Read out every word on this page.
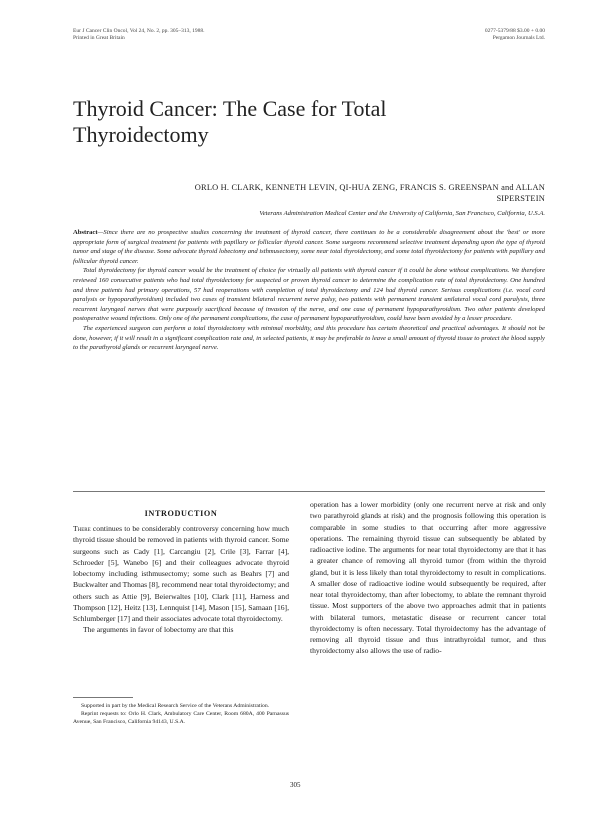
Eur J Cancer Clin Oncol, Vol 24, No. 2, pp. 305–313, 1988.
Printed in Great Britain
0277-5379/88 $3.00 + 0.00
Pergamon Journals Ltd.
Thyroid Cancer: The Case for Total Thyroidectomy
ORLO H. CLARK, KENNETH LEVIN, QI-HUA ZENG, FRANCIS S. GREENSPAN and ALLAN SIPERSTEIN
Veterans Administration Medical Center and the University of California, San Francisco, California, U.S.A.

Abstract—Since there are no prospective studies concerning the treatment of thyroid cancer, there continues to be a considerable disagreement about the 'best' or more appropriate form of surgical treatment for patients with papillary or follicular thyroid cancer. Some surgeons recommend selective treatment depending upon the type of thyroid tumor and stage of the disease. Some advocate thyroid lobectomy and isthmusectomy, some near total thyroidectomy, and some total thyroidectomy for patients with papillary and follicular thyroid cancer.

Total thyroidectomy for thyroid cancer would be the treatment of choice for virtually all patients with thyroid cancer if it could be done without complications. We therefore reviewed 160 consecutive patients who had total thyroidectomy for suspected or proven thyroid cancer to determine the complication rate of total thyroidectomy. One hundred and three patients had primary operations, 57 had reoperations with completion of total thyroidectomy and 124 had thyroid cancer. Serious complications (i.e. vocal cord paralysis or hypoparathyroidism) included two cases of transient bilateral recurrent nerve palsy, two patients with permanent transient unilateral vocal cord paralysis, three recurrent laryngeal nerves that were purposely sacrificed because of invasion of the nerve, and one case of permanent hypoparathyroidism. Two other patients developed postoperative wound infections. Only one of the permanent complications, the case of permanent hypoparathyroidism, could have been avoided by a lesser procedure.

The experienced surgeon can perform a total thyroidectomy with minimal morbidity, and this procedure has certain theoretical and practical advantages. It should not be done, however, if it will result in a significant complication rate and, in selected patients, it may be preferable to leave a small amount of thyroid tissue to protect the blood supply to the parathyroid glands or recurrent laryngeal nerve.

INTRODUCTION

There continues to be considerably controversy concerning how much thyroid tissue should be removed in patients with thyroid cancer. Some surgeons such as Cady [1], Carcangiu [2], Crile [3], Farrar [4], Schroeder [5], Wanebo [6] and their colleagues advocate thyroid lobectomy including isthmusectomy; some such as Beahrs [7] and Buckwalter and Thomas [8], recommend near total thyroidectomy; and others such as Attie [9], Beierwaltes [10], Clark [11], Harness and Thompson [12], Heitz [13], Lennquist [14], Mason [15], Samaan [16], Schlumberger [17] and their associates advocate total thyroidectomy.

The arguments in favor of lobectomy are that this

operation has a lower morbidity (only one recurrent nerve at risk and only two parathyroid glands at risk) and the prognosis following this operation is comparable in some studies to that occurring after more aggressive operations. The remaining thyroid tissue can subsequently be ablated by radioactive iodine. The arguments for near total thyroidectomy are that it has a greater chance of removing all thyroid tumor (from within the thyroid gland, but it is less likely than total thyroidectomy to result in complications. A smaller dose of radioactive iodine would subsequently be required, after near total thyroidectomy, than after lobectomy, to ablate the remnant thyroid tissue. Most supporters of the above two approaches admit that in patients with bilateral tumors, metastatic disease or recurrent cancer total thyroidectomy is often necessary. Total thyroidectomy has the advantage of removing all thyroid tissue and thus intrathyroidal tumor, and thus thyroidectomy also allows the use of radio-

Supported in part by the Medical Research Service of the Veterans Administration.

Reprint requests to: Orlo H. Clark, Ambulatory Care Center, Room 680A, 400 Parnassus Avenue, San Francisco, California 94143, U.S.A.

305
